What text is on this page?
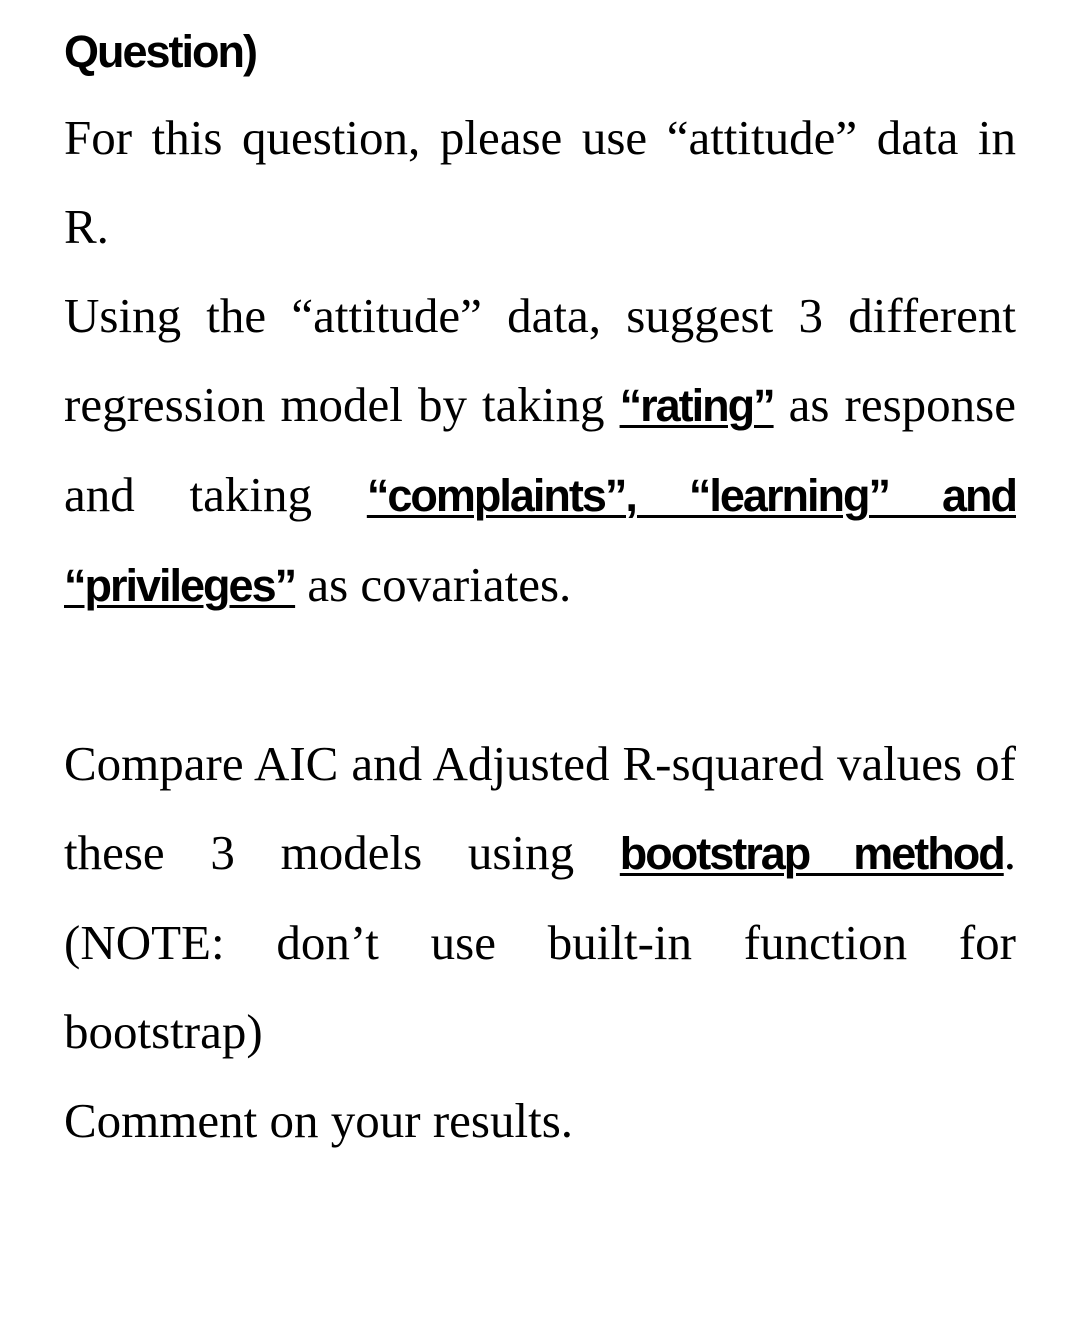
Question)

For this question, please use “attitude” data in R.

Using the “attitude” data, suggest 3 different regression model by taking “rating” as response and taking “complaints”, “learning” and “privileges” as covariates.

Compare AIC and Adjusted R-squared values of these 3 models using bootstrap method. (NOTE: don’t use built-in function for bootstrap)

Comment on your results.
